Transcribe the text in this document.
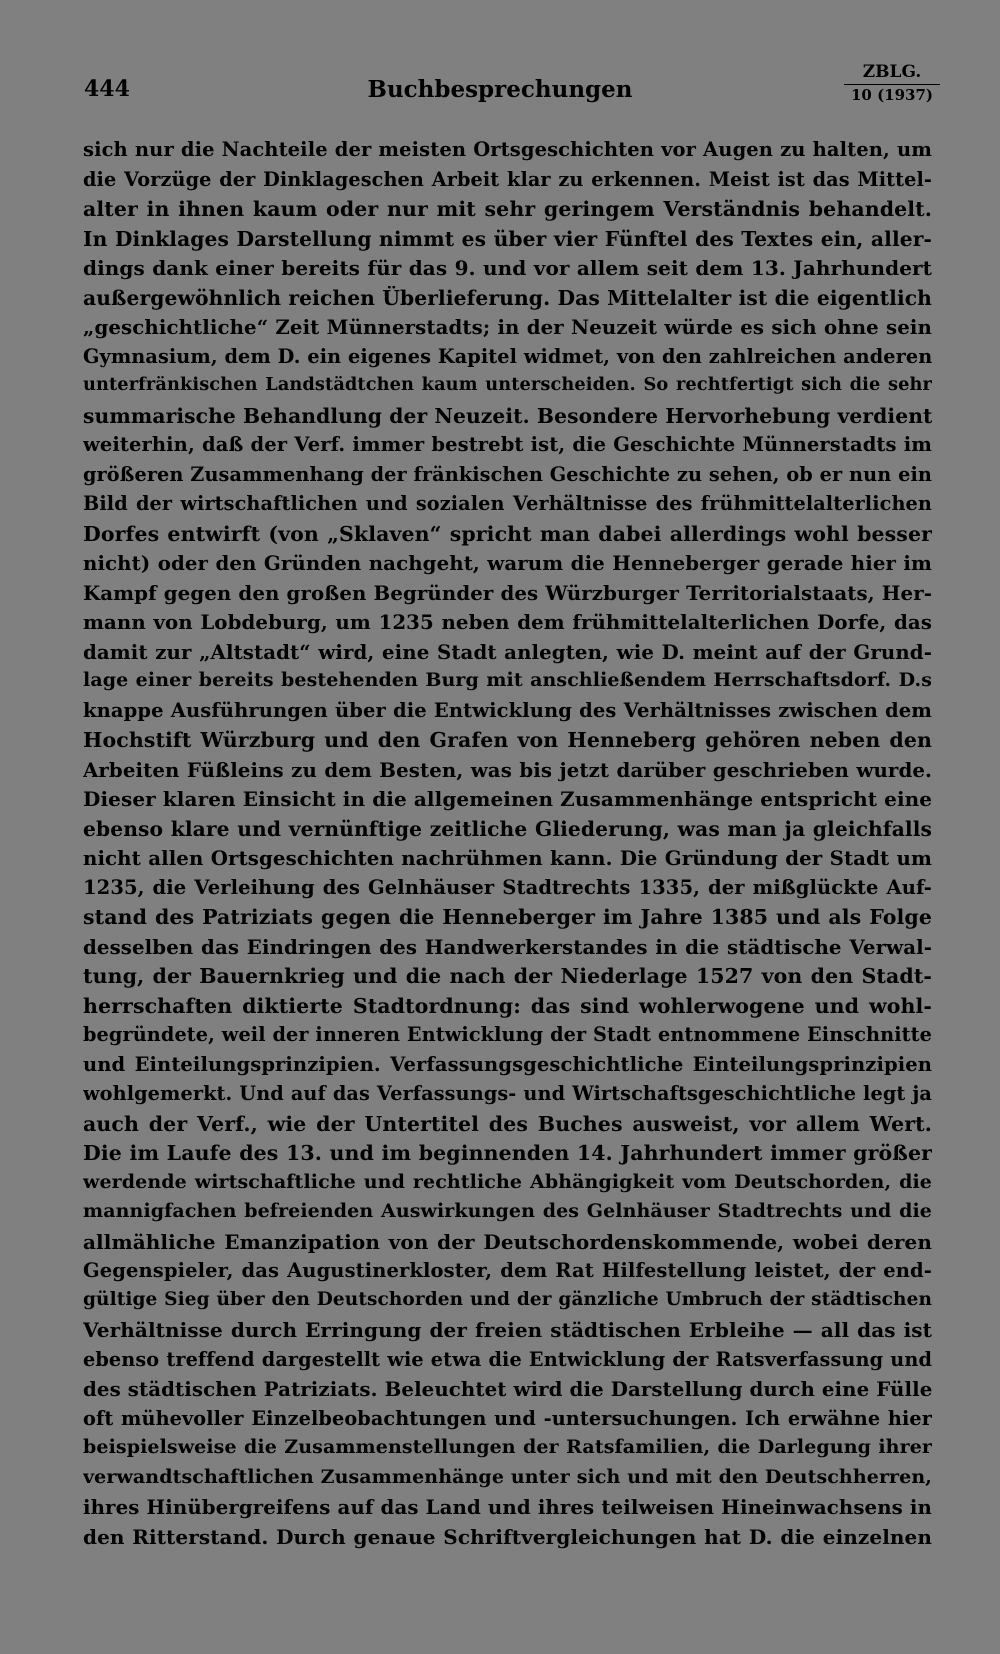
444	Buchbesprechungen
ZBLG.
10 (1937)
sich nur die Nachteile der meisten Ortsgeschichten vor Augen zu halten, um
die Vorzüge der Dinklageschen Arbeit klar zu erkennen. Meist ist das Mittel-
alter in ihnen kaum oder nur mit sehr geringem Verständnis behandelt.
In Dinklages Darstellung nimmt es über vier Fünftel des Textes ein, aller-
dings dank einer bereits für das 9. und vor allem seit dem 13. Jahrhundert
außergewöhnlich reichen Überlieferung. Das Mittelalter ist die eigentlich
„geschichtliche“ Zeit Münnerstadts; in der Neuzeit würde es sich ohne sein
Gymnasium, dem D. ein eigenes Kapitel widmet, von den zahlreichen anderen
unterfränkischen Landstädtchen kaum unterscheiden. So rechtfertigt sich die sehr
summarische Behandlung der Neuzeit. Besondere Hervorhebung verdient
weiterhin, daß der Verf. immer bestrebt ist, die Geschichte Münnerstadts im
größeren Zusammenhang der fränkischen Geschichte zu sehen, ob er nun ein
Bild der wirtschaftlichen und sozialen Verhältnisse des frühmittelalterlichen
Dorfes entwirft (von „Sklaven“ spricht man dabei allerdings wohl besser
nicht) oder den Gründen nachgeht, warum die Henneberger gerade hier im
Kampf gegen den großen Begründer des Würzburger Territorialstaats, Her-
mann von Lobdeburg, um 1235 neben dem frühmittelalterlichen Dorfe, das
damit zur „Altstadt“ wird, eine Stadt anlegten, wie D. meint auf der Grund-
lage einer bereits bestehenden Burg mit anschließendem Herrschaftsdorf. D.s
knappe Ausführungen über die Entwicklung des Verhältnisses zwischen dem
Hochstift Würzburg und den Grafen von Henneberg gehören neben den
Arbeiten Füßleins zu dem Besten, was bis jetzt darüber geschrieben wurde.
Dieser klaren Einsicht in die allgemeinen Zusammenhänge entspricht eine
ebenso klare und vernünftige zeitliche Gliederung, was man ja gleichfalls
nicht allen Ortsgeschichten nachrühmen kann. Die Gründung der Stadt um
1235, die Verleihung des Gelnhäuser Stadtrechts 1335, der mißglückte Auf-
stand des Patriziats gegen die Henneberger im Jahre 1385 und als Folge
desselben das Eindringen des Handwerkerstandes in die städtische Verwal-
tung, der Bauernkrieg und die nach der Niederlage 1527 von den Stadt-
herrschaften diktierte Stadtordnung: das sind wohlerwogene und wohl-
begründete, weil der inneren Entwicklung der Stadt entnommene Einschnitte
und Einteilungsprinzipien. Verfassungsgeschichtliche Einteilungsprinzipien
wohlgemerkt. Und auf das Verfassungs- und Wirtschaftsgeschichtliche legt ja
auch der Verf., wie der Untertitel des Buches ausweist, vor allem Wert.
Die im Laufe des 13. und im beginnenden 14. Jahrhundert immer größer
werdende wirtschaftliche und rechtliche Abhängigkeit vom Deutschorden, die
mannigfachen befreienden Auswirkungen des Gelnhäuser Stadtrechts und die
allmähliche Emanzipation von der Deutschordenskommende, wobei deren
Gegenspieler, das Augustinerkloster, dem Rat Hilfestellung leistet, der end-
gültige Sieg über den Deutschorden und der gänzliche Umbruch der städtischen
Verhältnisse durch Erringung der freien städtischen Erbleihe — all das ist
ebenso treffend dargestellt wie etwa die Entwicklung der Ratsverfassung und
des städtischen Patriziats. Beleuchtet wird die Darstellung durch eine Fülle
oft mühevoller Einzelbeobachtungen und -untersuchungen. Ich erwähne hier
beispielsweise die Zusammenstellungen der Ratsfamilien, die Darlegung ihrer
verwandtschaftlichen Zusammenhänge unter sich und mit den Deutschherren,
ihres Hinübergreifens auf das Land und ihres teilweisen Hineinwachsens in
den Ritterstand. Durch genaue Schriftvergleichungen hat D. die einzelnen
